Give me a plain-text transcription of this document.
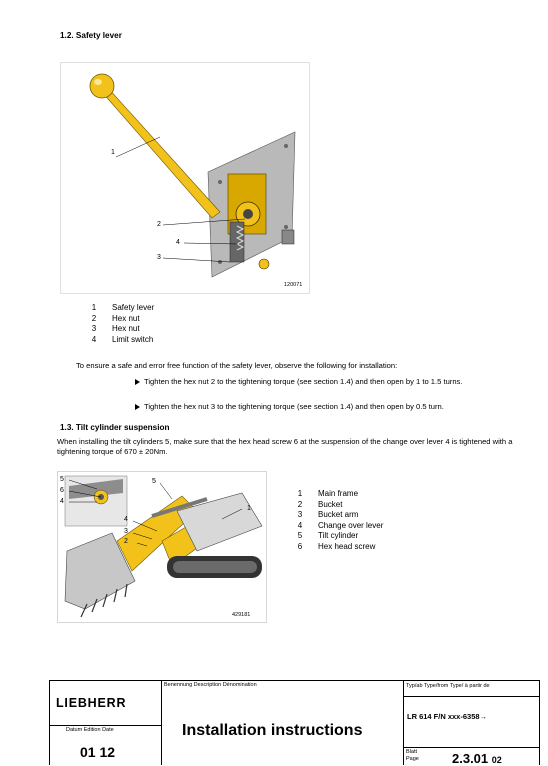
1.2. Safety lever
1
2
4
3
120071
1	Safety lever
2	Hex nut
3	Hex nut
4	Limit switch
To ensure a safe and error free function of the safety lever, observe the following for installation:
Tighten the hex nut 2 to the tightening torque (see section 1.4) and then open by 1 to 1.5 turns.
Tighten the hex nut 3 to the tightening torque (see section 1.4) and then open by 0.5 turn.
1.3. Tilt cylinder suspension
When installing the tilt cylinders 5, make sure that the hex head screw 6 at the suspension of the change over lever 4 is tightened with a tightening torque of 670 ± 20Nm.
5
6
4
5
1
4
3
2
429181
1	Main frame
2	Bucket
3	Bucket arm
4	Change over lever
5	Tilt cylinder
6	Hex head screw
LIEBHERR
Benennung Description Dénomination	Typ/ab Type/from Type/ à partir de
LR 614 F/N xxx-6358→
Datum Edition Date
01 12
Installation instructions
Blatt
Page	2.3.01 02
